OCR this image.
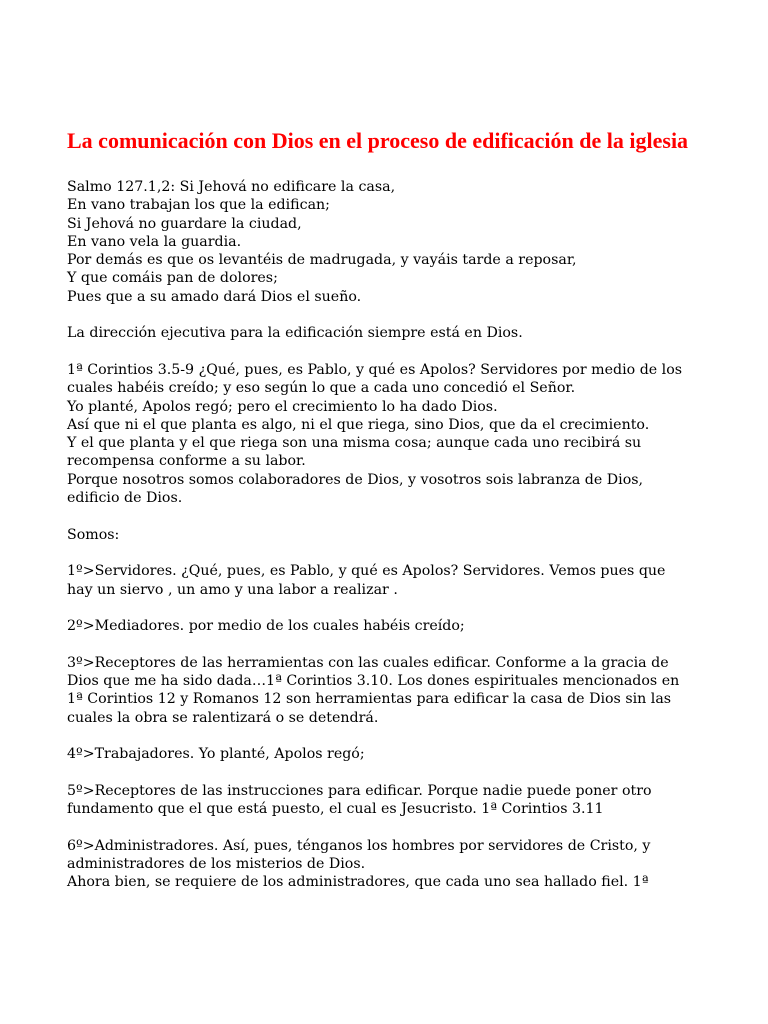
La comunicación con Dios en el proceso de edificación de la iglesia
Salmo 127.1,2: Si Jehová no edificare la casa,
En vano trabajan los que la edifican;
Si Jehová no guardare la ciudad,
En vano vela la guardia.
Por demás es que os levantéis de madrugada, y vayáis tarde a reposar,
Y que comáis pan de dolores;
Pues que a su amado dará Dios el sueño.
La dirección ejecutiva para la edificación siempre está en Dios.
1ª Corintios 3.5-9 ¿Qué, pues, es Pablo, y qué es Apolos? Servidores por medio de los
cuales habéis creído; y eso según lo que a cada uno concedió el Señor.
Yo planté, Apolos regó; pero el crecimiento lo ha dado Dios.
Así que ni el que planta es algo, ni el que riega, sino Dios, que da el crecimiento.
Y el que planta y el que riega son una misma cosa; aunque cada uno recibirá su
recompensa conforme a su labor.
Porque nosotros somos colaboradores de Dios, y vosotros sois labranza de Dios,
edificio de Dios.
Somos:
1º>Servidores. ¿Qué, pues, es Pablo, y qué es Apolos? Servidores. Vemos pues que
hay un siervo , un amo y una labor a realizar .
2º>Mediadores. por medio de los cuales habéis creído;
3º>Receptores de las herramientas con las cuales edificar. Conforme a la gracia de
Dios que me ha sido dada…1ª Corintios 3.10. Los dones espirituales mencionados en
1ª Corintios 12 y Romanos 12 son herramientas para edificar la casa de Dios sin las
cuales la obra se ralentizará o se detendrá.
4º>Trabajadores. Yo planté, Apolos regó;
5º>Receptores de las instrucciones para edificar. Porque nadie puede poner otro
fundamento que el que está puesto, el cual es Jesucristo. 1ª Corintios 3.11
6º>Administradores. Así, pues, ténganos los hombres por servidores de Cristo, y
administradores de los misterios de Dios.
Ahora bien, se requiere de los administradores, que cada uno sea hallado fiel. 1ª
